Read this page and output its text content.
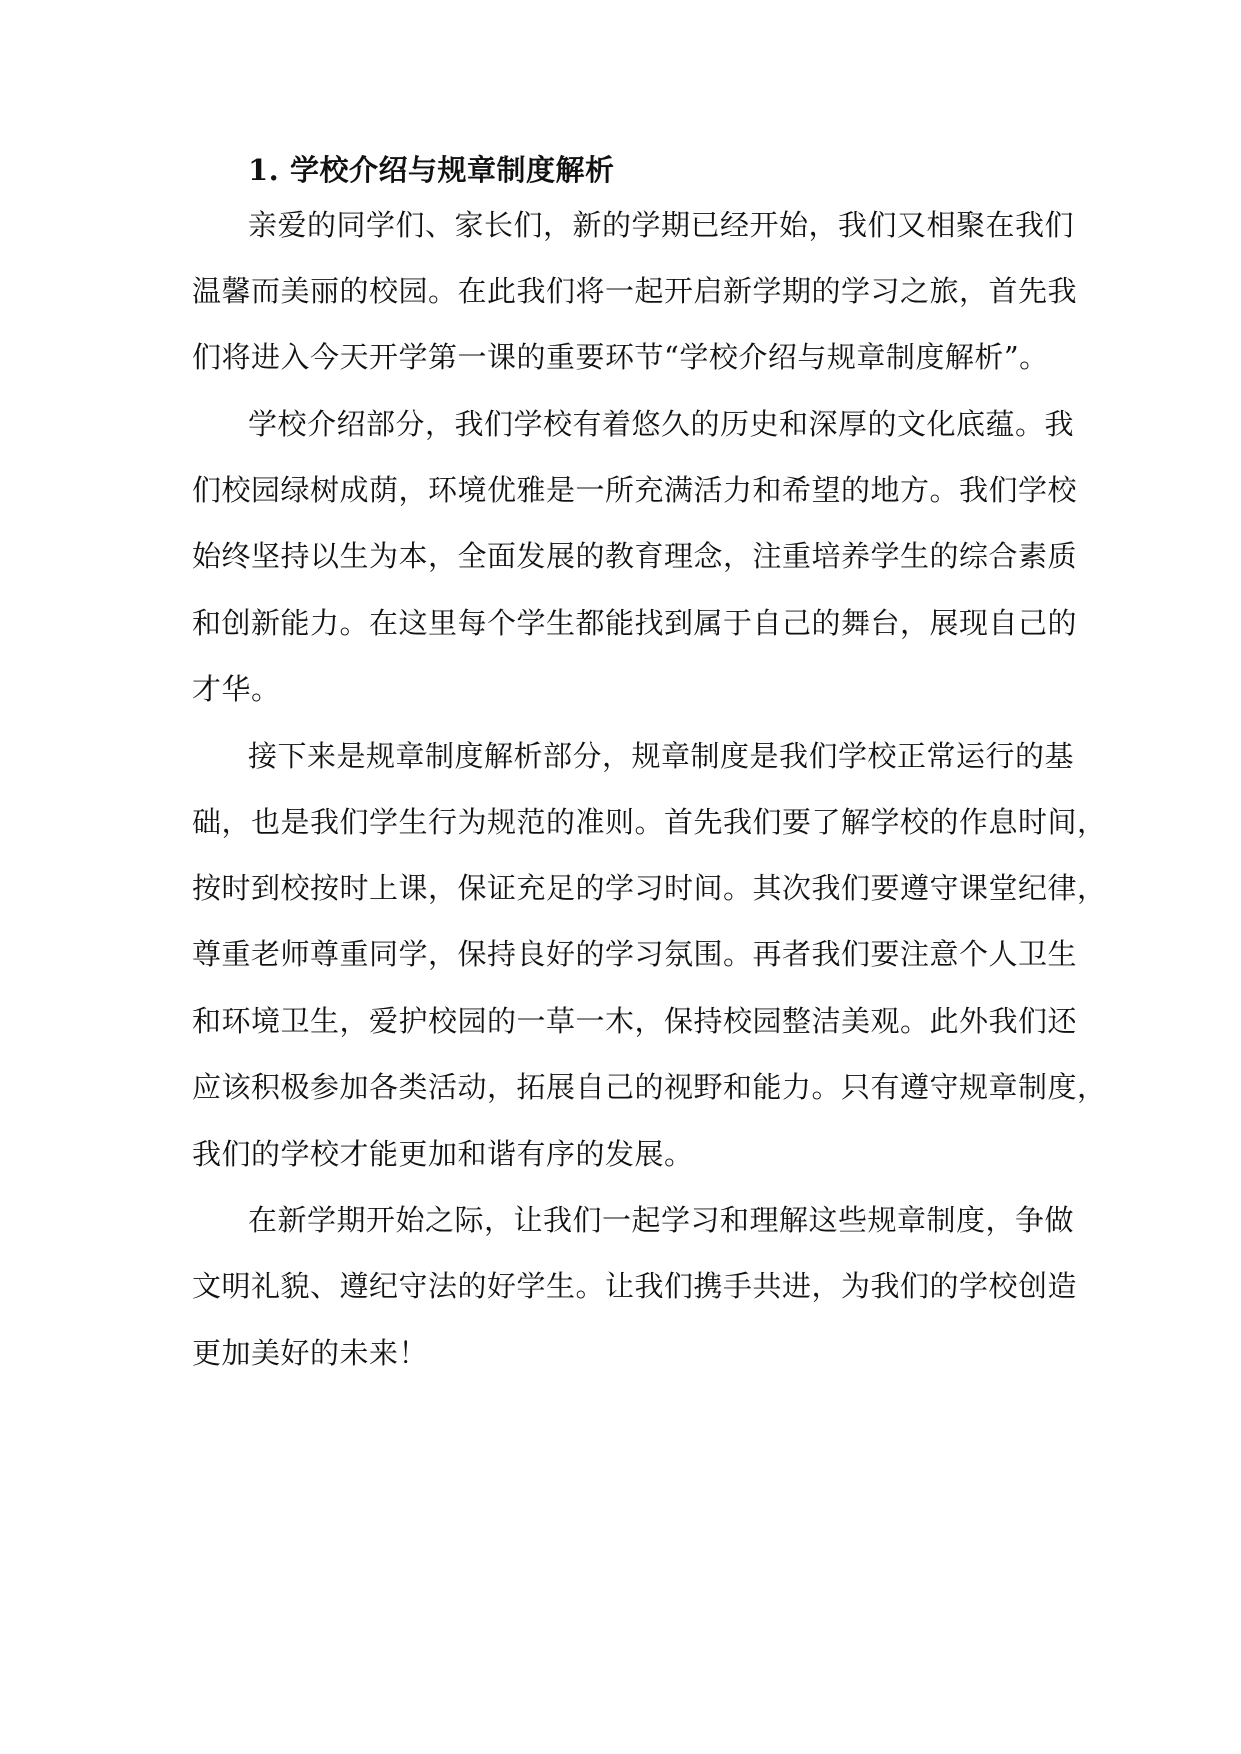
1. 学校介绍与规章制度解析
亲爱的同学们、家长们，新的学期已经开始，我们又相聚在我们
温馨而美丽的校园。在此我们将一起开启新学期的学习之旅，首先我
们将进入今天开学第一课的重要环节“学校介绍与规章制度解析”。
学校介绍部分，我们学校有着悠久的历史和深厚的文化底蕴。我
们校园绿树成荫，环境优雅是一所充满活力和希望的地方。我们学校
始终坚持以生为本，全面发展的教育理念，注重培养学生的综合素质
和创新能力。在这里每个学生都能找到属于自己的舞台，展现自己的
才华。
接下来是规章制度解析部分，规章制度是我们学校正常运行的基
础，也是我们学生行为规范的准则。首先我们要了解学校的作息时间，
按时到校按时上课，保证充足的学习时间。其次我们要遵守课堂纪律，
尊重老师尊重同学，保持良好的学习氛围。再者我们要注意个人卫生
和环境卫生，爱护校园的一草一木，保持校园整洁美观。此外我们还
应该积极参加各类活动，拓展自己的视野和能力。只有遵守规章制度，
我们的学校才能更加和谐有序的发展。
在新学期开始之际，让我们一起学习和理解这些规章制度，争做
文明礼貌、遵纪守法的好学生。让我们携手共进，为我们的学校创造
更加美好的未来！
